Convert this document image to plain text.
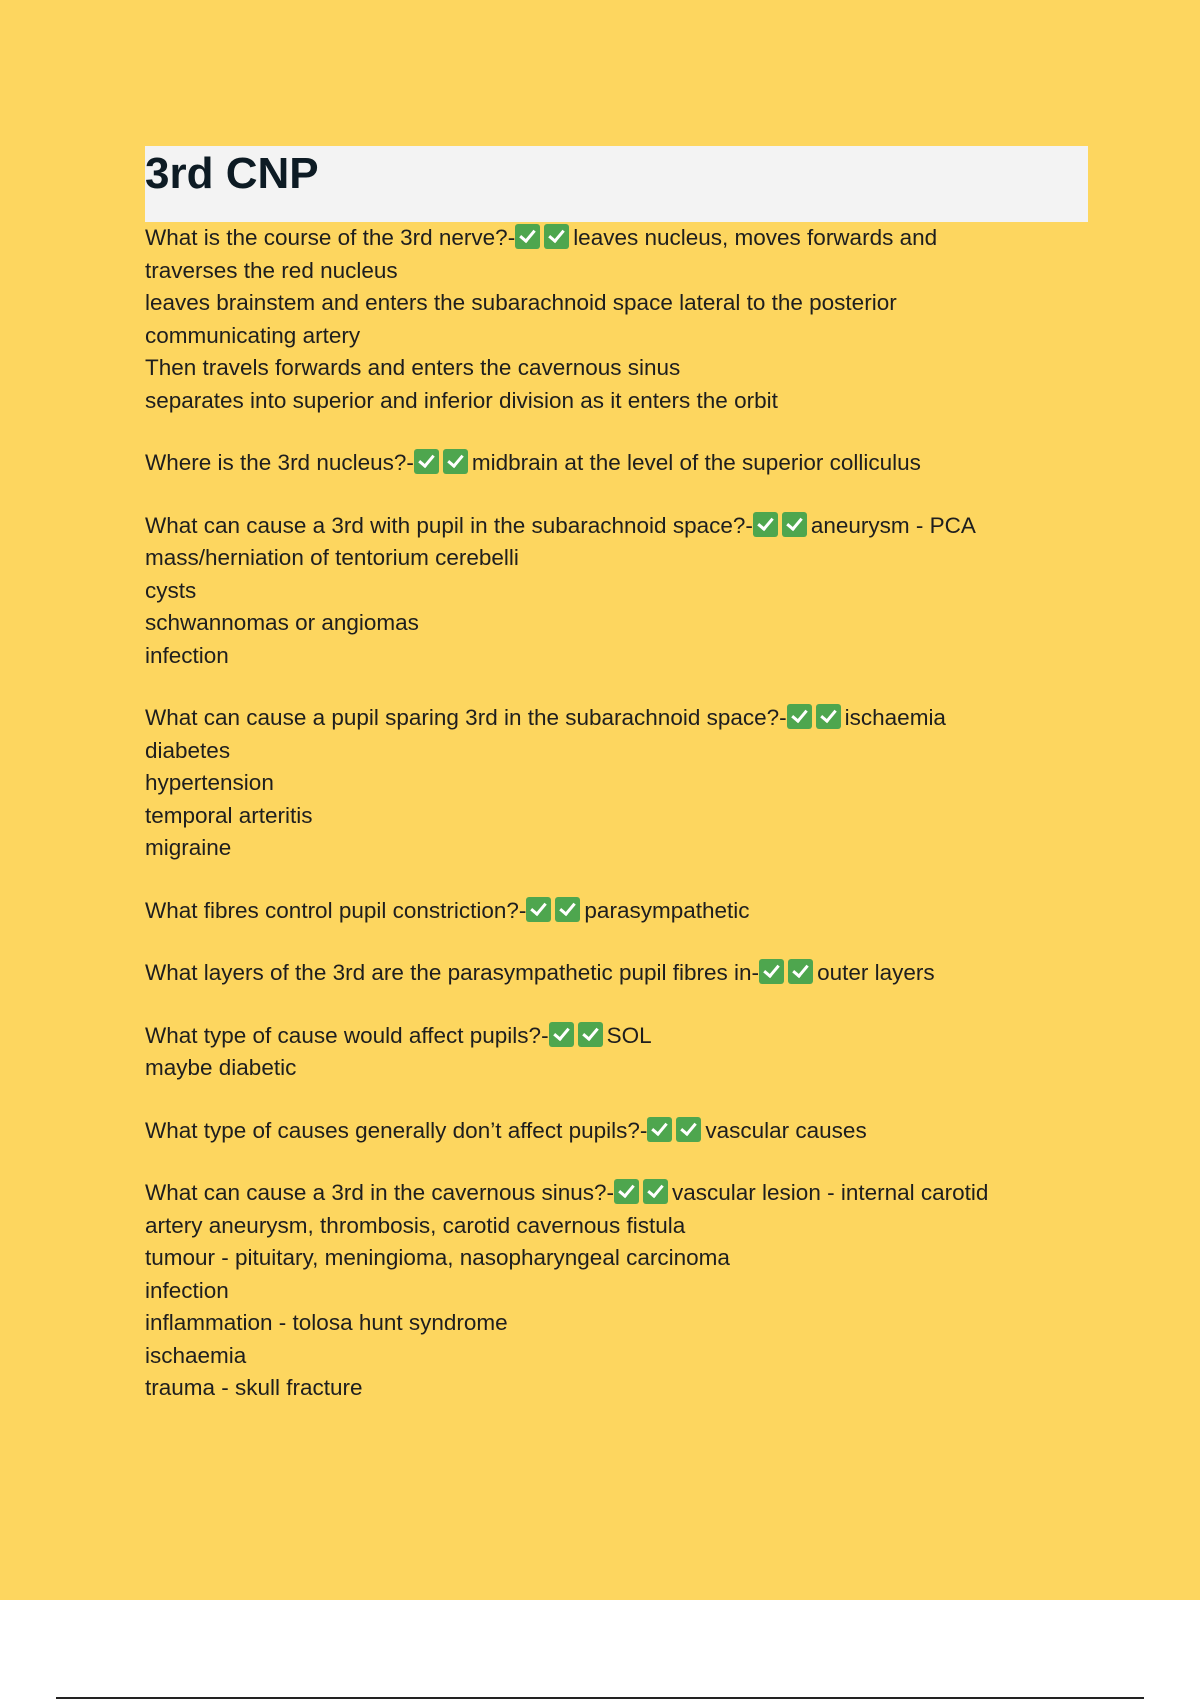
3rd CNP
What is the course of the 3rd nerve?-	leaves nucleus, moves forwards and
traverses the red nucleus
leaves brainstem and enters the subarachnoid space lateral to the posterior
communicating artery
Then travels forwards and enters the cavernous sinus
separates into superior and inferior division as it enters the orbit
Where is the 3rd nucleus?-	midbrain at the level of the superior colliculus
What can cause a 3rd with pupil in the subarachnoid space?-	aneurysm - PCA
mass/herniation of tentorium cerebelli
cysts
schwannomas or angiomas
infection
What can cause a pupil sparing 3rd in the subarachnoid space?-	ischaemia
diabetes
hypertension
temporal arteritis
migraine
What fibres control pupil constriction?-	parasympathetic
What layers of the 3rd are the parasympathetic pupil fibres in-	outer layers
What type of cause would affect pupils?-	SOL
maybe diabetic
What type of causes generally don’t affect pupils?-	vascular causes
What can cause a 3rd in the cavernous sinus?-	vascular lesion - internal carotid
artery aneurysm, thrombosis, carotid cavernous fistula
tumour - pituitary, meningioma, nasopharyngeal carcinoma
infection
inflammation - tolosa hunt syndrome
ischaemia
trauma - skull fracture
